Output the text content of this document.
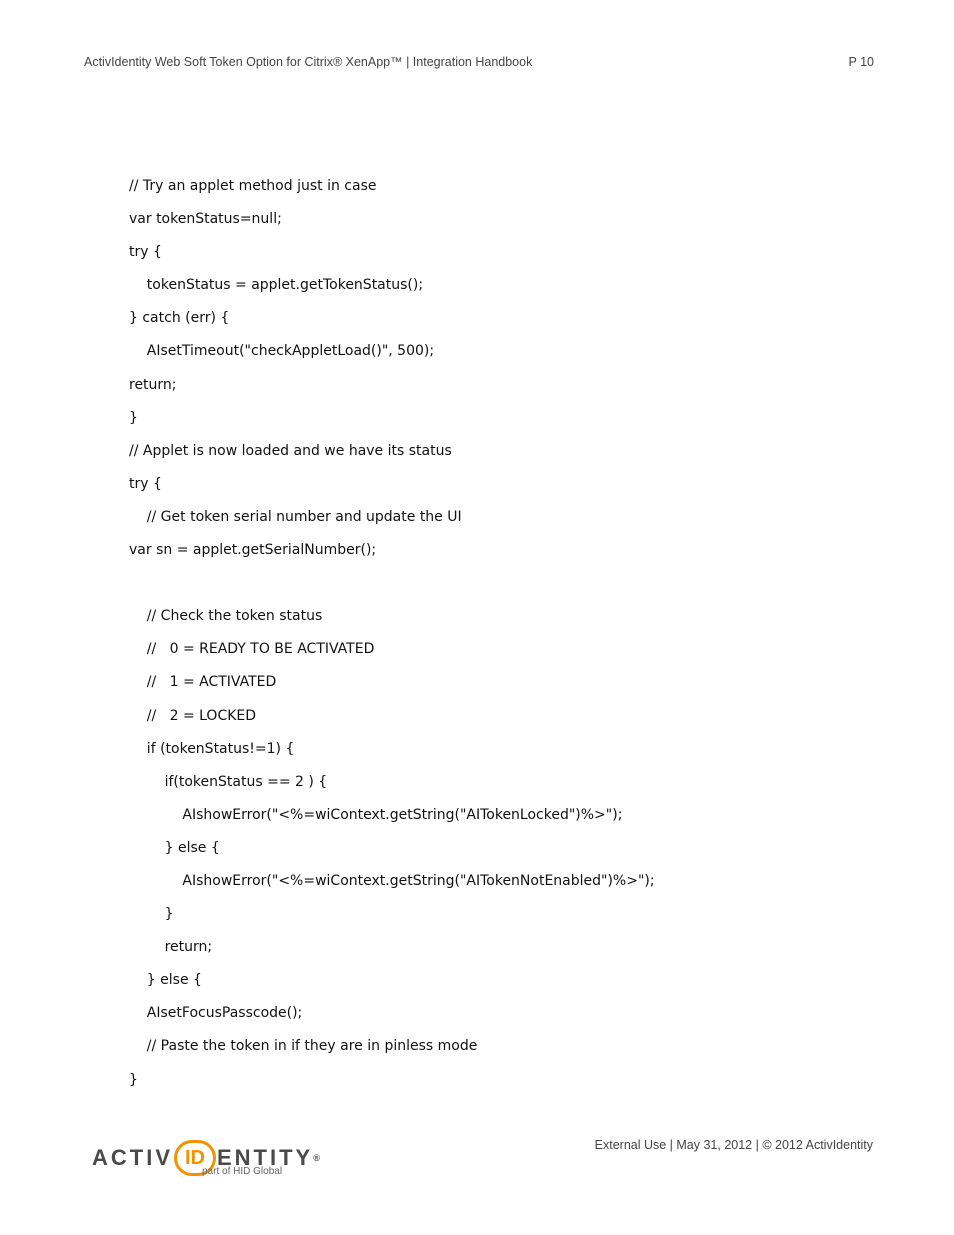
ActivIdentity Web Soft Token Option for Citrix® XenApp™ | Integration Handbook	P 10
// Try an applet method just in case
var tokenStatus=null;
try {
tokenStatus = applet.getTokenStatus();
} catch (err) {
AIsetTimeout("checkAppletLoad()", 500);
return;
}
// Applet is now loaded and we have its status
try {
// Get token serial number and update the UI
var sn = applet.getSerialNumber();
// Check the token status
//   0 = READY TO BE ACTIVATED
//   1 = ACTIVATED
//   2 = LOCKED
if (tokenStatus!=1) {
if(tokenStatus == 2 ) {
AIshowError("<%=wiContext.getString("AITokenLocked")%>");
} else {
AIshowError("<%=wiContext.getString("AITokenNotEnabled")%>");
}
return;
} else {
AIsetFocusPasscode();
// Paste the token in if they are in pinless mode
}
ACTIV ID ENTITY ®
part of HID Global
External Use | May 31, 2012 | © 2012 ActivIdentity
